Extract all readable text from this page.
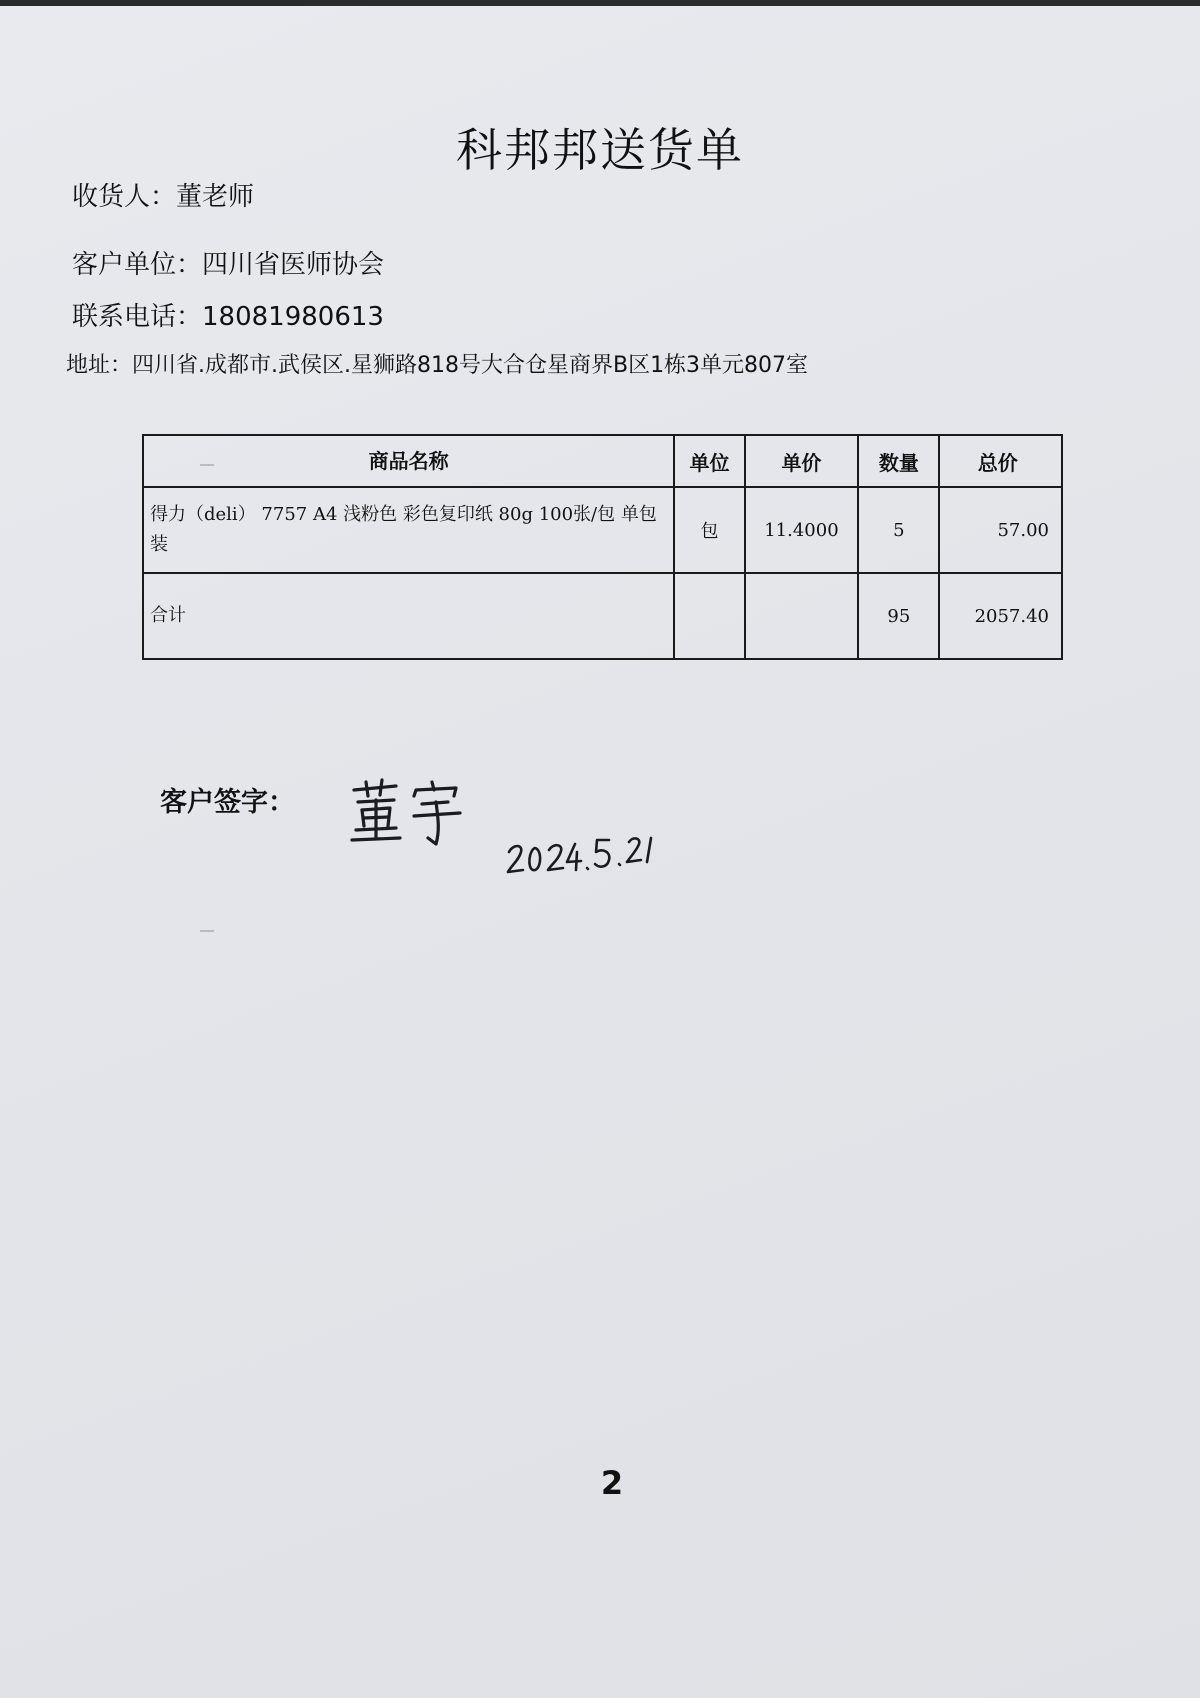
科邦邦送货单
收货人：董老师
客户单位：四川省医师协会
联系电话：18081980613
地址：四川省.成都市.武侯区.星狮路818号大合仓星商界B区1栋3单元807室
商品名称	单位	单价	数量	总价
得力（deli） 7757 A4 浅粉色 彩色复印纸 80g 100张/包 单包装	包	11.4000	5	57.00
合计			95	2057.40
客户签字：
2
